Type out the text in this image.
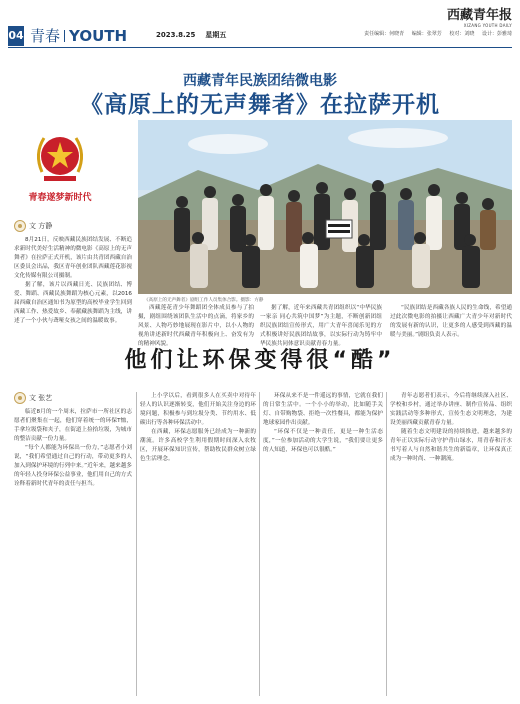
西藏青年报
XIZANG YOUTH DAILY
04 青春 YOUTH	2023.8.25 星期五	责任编辑：何晓青 编辑：张翠芳 校对：刘晓 设计：彭雅琦
西藏青年民族团结微电影
《高原上的无声舞者》在拉萨开机
青春遂梦新时代
文
方静
《高原上的无声舞者》剧组工作人员集体合影。摄影：方静

8月21日，反映西藏民族团结发展、不断追求新时代美好生活精神的微电影《高原上的无声舞者》在拉萨正式开机，该片由共青团西藏自治区委员会出品，我区青年创业团队西藏莲花影视文化传媒有限公司摄制。

据了解，该片以西藏日光、民族团结、博爱、舞蹈、西藏民族舞蹈为核心元素，以2016届西藏自治区通知书为原型的高校毕业学生回到西藏工作、热爱故乡、奉献藏族舞蹈为主线，讲述了一个小伙与聋哑女孩之间的温暖故事。

西藏莲花青少年舞蹈团全体成员参与了拍摄，剧组围绕该团队生活中的点滴，将家乡的风景、人物巧妙地展现在影片中，以小人物的视角讲述新时代西藏青年积极向上、奋发有为的精神风貌。

据了解，近年来西藏共青团组织以“中华民族一家亲 同心共筑中国梦”为主题，不断创新团组织民族团结宣传形式，用广大青年喜闻乐见的方式积极讲好民族团结故事，以实际行动为铸牢中华民族共同体意识贡献青春力量。

“民族团结是西藏各族人民的生命线，希望通过此次微电影的拍摄让西藏广大青少年对新时代的发展有新的认识，让更多的人感受到西藏的温暖与美丽。”剧组负责人表示。

他们让环保变得很“酷”
文
张艺

临近8月的一个周末，拉萨市一所社区的志愿者们聚集在一起，他们穿着统一的环保T恤，手拿垃圾袋和夹子，在街道上捡拾垃圾，为城市的整洁贡献一份力量。

“每个人都能为环保出一份力，”志愿者小刘说，“我们希望通过自己的行动，带动更多的人加入到保护环境的行列中来。”近年来，越来越多的年轻人投身环保公益事业，他们用自己的方式诠释着新时代青年的责任与担当。

上小学以后，看到很多人在买卖中对待年轻人的认识逐渐转变，他们开始关注身边的环境问题，积极参与到垃圾分类、节约用水、低碳出行等各种环保活动中。

在西藏，环保志愿服务已经成为一种新的潮流。许多高校学生利用假期时间深入农牧区，开展环保知识宣传，帮助牧民群众树立绿色生活理念。

环保从来不是一件遥远的事情，它就在我们的日常生活中。一个小小的举动，比如随手关灯、自带购物袋、拒绝一次性餐具，都能为保护地球家园作出贡献。

“环保不仅是一种责任，更是一种生活态度，”一位参加活动的大学生说，“我们要让更多的人知道，环保也可以很酷。”

青年志愿者们表示，今后将继续深入社区、学校和乡村，通过举办讲座、制作宣传品、组织实践活动等多种形式，宣传生态文明理念，为建设美丽西藏贡献青春力量。

随着生态文明建设的持续推进，越来越多的青年正以实际行动守护青山绿水，用青春和汗水书写着人与自然和谐共生的新篇章，让环保真正成为一种时尚、一种潮流。
